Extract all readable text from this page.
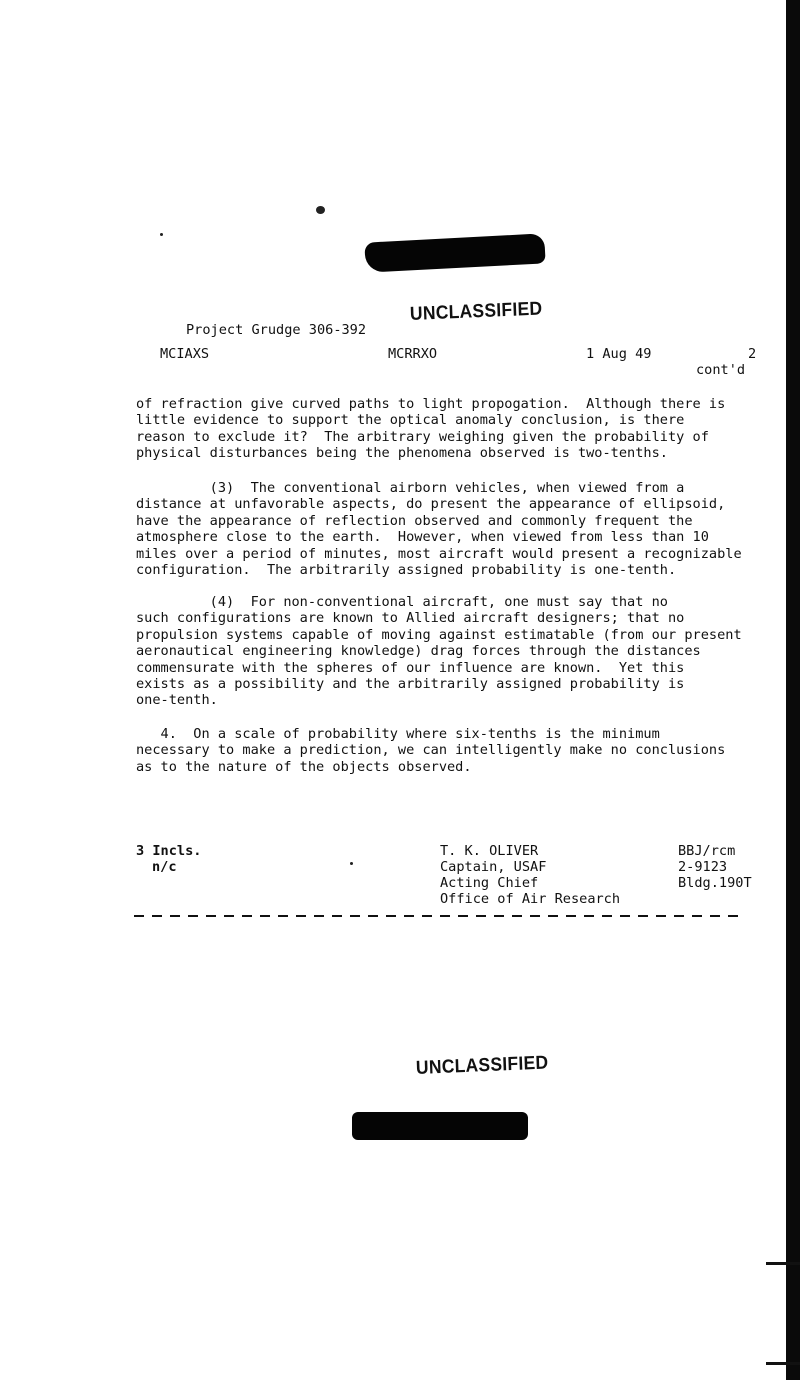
UNCLASSIFIED
Project Grudge 306-392
MCIAXS	MCRRXO	1 Aug 49	2
cont'd
of refraction give curved paths to light propogation.  Although there is
little evidence to support the optical anomaly conclusion, is there
reason to exclude it?  The arbitrary weighing given the probability of
physical disturbances being the phenomena observed is two-tenths.
(3)  The conventional airborn vehicles, when viewed from a
distance at unfavorable aspects, do present the appearance of ellipsoid,
have the appearance of reflection observed and commonly frequent the
atmosphere close to the earth.  However, when viewed from less than 10
miles over a period of minutes, most aircraft would present a recognizable
configuration.  The arbitrarily assigned probability is one-tenth.
(4)  For non-conventional aircraft, one must say that no
such configurations are known to Allied aircraft designers; that no
propulsion systems capable of moving against estimatable (from our present
aeronautical engineering knowledge) drag forces through the distances
commensurate with the spheres of our influence are known.  Yet this
exists as a possibility and the arbitrarily assigned probability is
one-tenth.
4.  On a scale of probability where six-tenths is the minimum
necessary to make a prediction, we can intelligently make no conclusions
as to the nature of the objects observed.
3 Incls.
n/c
T. K. OLIVER
Captain, USAF
Acting Chief
Office of Air Research
BBJ/rcm
2-9123
Bldg.190T
UNCLASSIFIED
